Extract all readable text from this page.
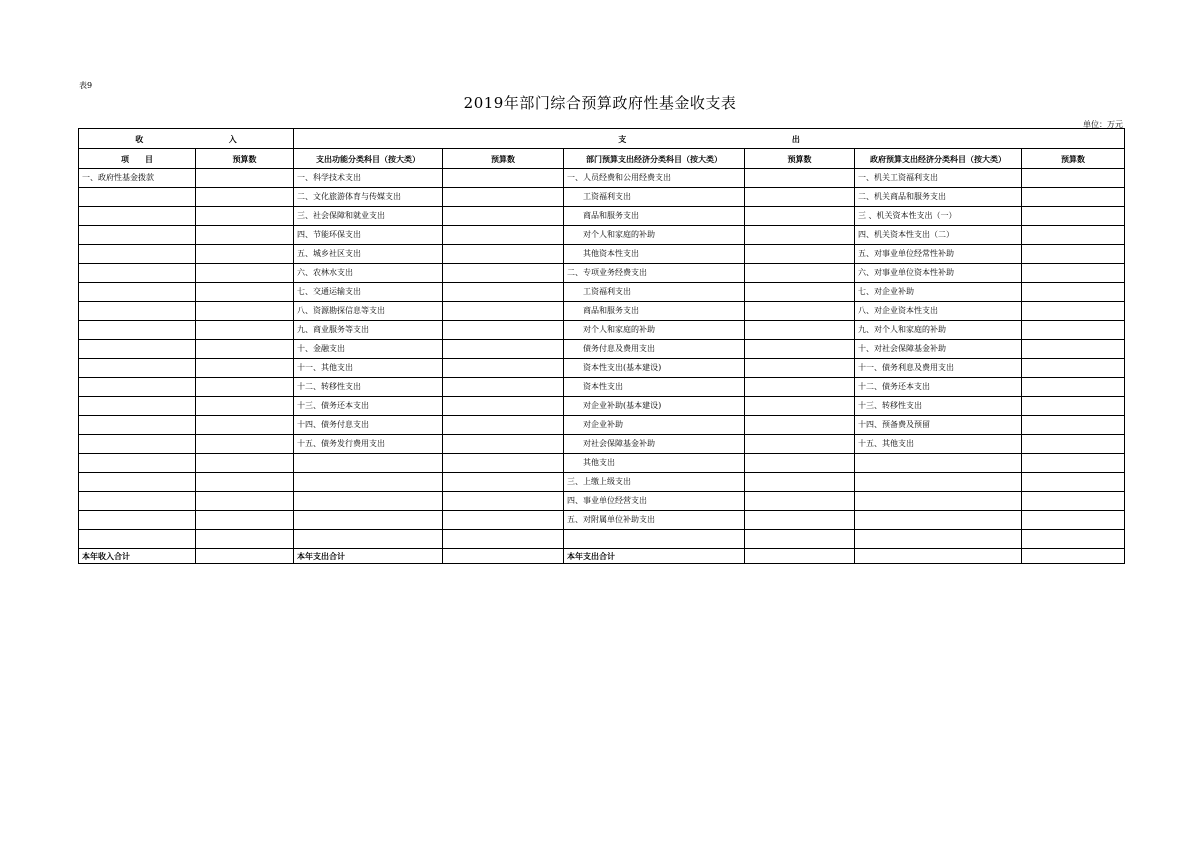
表9
2019年部门综合预算政府性基金收支表
单位：万元
收 入		支 出					
项　　目	预算数	支出功能分类科目（按大类）	预算数	部门预算支出经济分类科目（按大类）	预算数	政府预算支出经济分类科目（按大类）	预算数
一、政府性基金拨款		一、科学技术支出		一、人员经费和公用经费支出		一、机关工资福利支出	
		二、文化旅游体育与传媒支出		工资福利支出		二、机关商品和服务支出	
		三、社会保障和就业支出		商品和服务支出		三 、机关资本性支出（一）	
		四、节能环保支出		对个人和家庭的补助		四、机关资本性支出（二）	
		五、城乡社区支出		其他资本性支出		五、对事业单位经常性补助	
		六、农林水支出		二、专项业务经费支出		六、对事业单位资本性补助	
		七、交通运输支出		工资福利支出		七、对企业补助	
		八、资源勘探信息等支出		商品和服务支出		八、对企业资本性支出	
		九、商业服务等支出		对个人和家庭的补助		九、对个人和家庭的补助	
		十、金融支出		债务付息及费用支出		十、对社会保障基金补助	
		十一、其他支出		资本性支出(基本建设)		十一、债务利息及费用支出	
		十二、转移性支出		资本性支出		十二、债务还本支出	
		十三、债务还本支出		对企业补助(基本建设)		十三、转移性支出	
		十四、债务付息支出		对企业补助		十四、预备费及预留	
		十五、债务发行费用支出		对社会保障基金补助		十五、其他支出	
				其他支出			
				三、上缴上级支出			
				四、事业单位经营支出			
				五、对附属单位补助支出			

本年收入合计		本年支出合计		本年支出合计			
